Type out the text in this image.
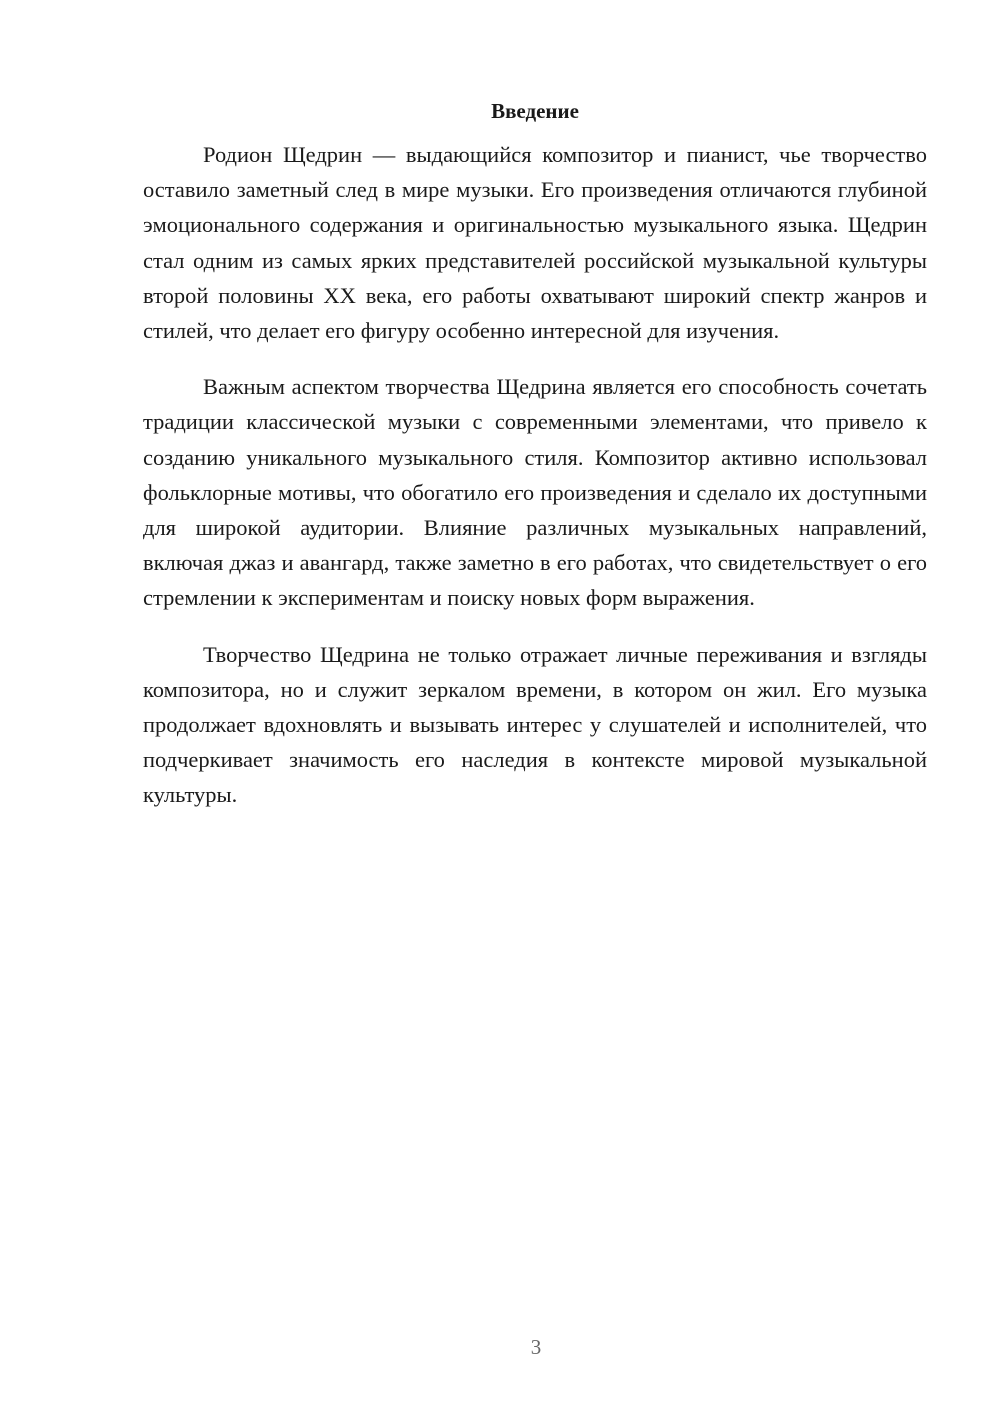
Введение

Родион Щедрин — выдающийся композитор и пианист, чье творчество оставило заметный след в мире музыки. Его произведения отличаются глубиной эмоционального содержания и оригинальностью музыкального языка. Щедрин стал одним из самых ярких представителей российской музыкальной культуры второй половины XX века, его работы охватывают широкий спектр жанров и стилей, что делает его фигуру особенно интересной для изучения.

Важным аспектом творчества Щедрина является его способность сочетать традиции классической музыки с современными элементами, что привело к созданию уникального музыкального стиля. Композитор активно использовал фольклорные мотивы, что обогатило его произведения и сделало их доступными для широкой аудитории. Влияние различных музыкальных направлений, включая джаз и авангард, также заметно в его работах, что свидетельствует о его стремлении к экспериментам и поиску новых форм выражения.

Творчество Щедрина не только отражает личные переживания и взгляды композитора, но и служит зеркалом времени, в котором он жил. Его музыка продолжает вдохновлять и вызывать интерес у слушателей и исполнителей, что подчеркивает значимость его наследия в контексте мировой музыкальной культуры.

3
